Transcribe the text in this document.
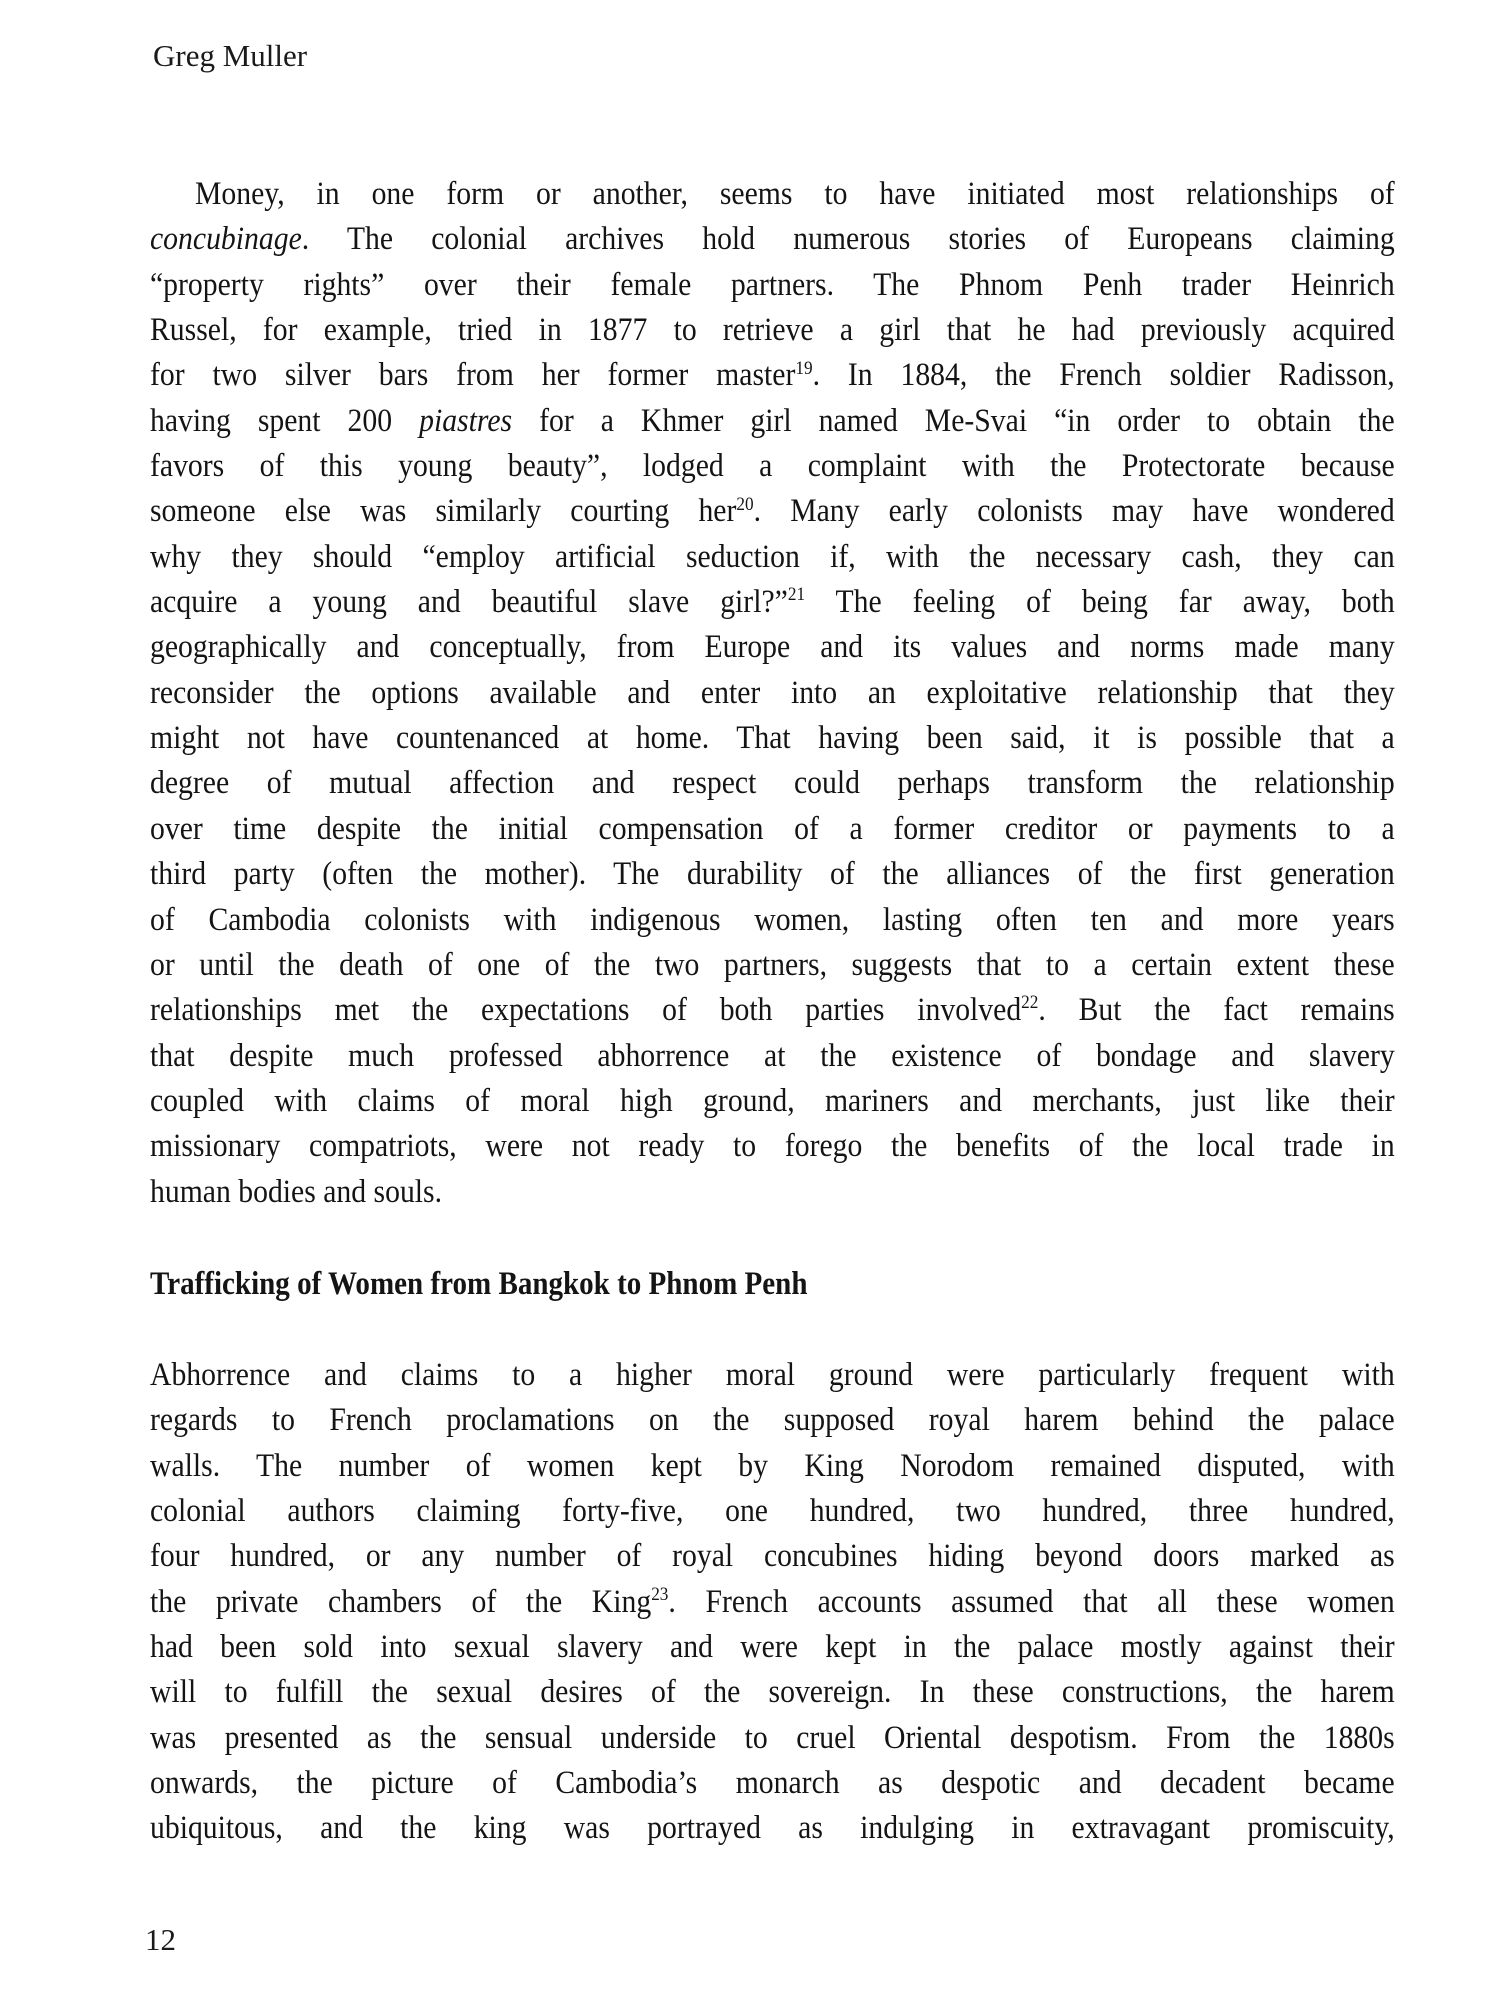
Greg Muller
Money, in one form or another, seems to have initiated most relationships of
concubinage. The colonial archives hold numerous stories of Europeans claiming
“property rights” over their female partners. The Phnom Penh trader Heinrich
Russel, for example, tried in 1877 to retrieve a girl that he had previously acquired
for two silver bars from her former master$^{19}$. In 1884, the French soldier Radisson,
having spent 200 piastres for a Khmer girl named Me-Svai “in order to obtain the
favors of this young beauty”, lodged a complaint with the Protectorate because
someone else was similarly courting her$^{20}$. Many early colonists may have wondered
why they should “employ artificial seduction if, with the necessary cash, they can
acquire a young and beautiful slave girl?”$^{21}$ The feeling of being far away, both
geographically and conceptually, from Europe and its values and norms made many
reconsider the options available and enter into an exploitative relationship that they
might not have countenanced at home. That having been said, it is possible that a
degree of mutual affection and respect could perhaps transform the relationship
over time despite the initial compensation of a former creditor or payments to a
third party (often the mother). The durability of the alliances of the first generation
of Cambodia colonists with indigenous women, lasting often ten and more years
or until the death of one of the two partners, suggests that to a certain extent these
relationships met the expectations of both parties involved$^{22}$. But the fact remains
that despite much professed abhorrence at the existence of bondage and slavery
coupled with claims of moral high ground, mariners and merchants, just like their
missionary compatriots, were not ready to forego the benefits of the local trade in
human bodies and souls.
Trafficking of Women from Bangkok to Phnom Penh
Abhorrence and claims to a higher moral ground were particularly frequent with
regards to French proclamations on the supposed royal harem behind the palace
walls. The number of women kept by King Norodom remained disputed, with
colonial authors claiming forty-five, one hundred, two hundred, three hundred,
four hundred, or any number of royal concubines hiding beyond doors marked as
the private chambers of the King$^{23}$. French accounts assumed that all these women
had been sold into sexual slavery and were kept in the palace mostly against their
will to fulfill the sexual desires of the sovereign. In these constructions, the harem
was presented as the sensual underside to cruel Oriental despotism. From the 1880s
onwards, the picture of Cambodia’s monarch as despotic and decadent became
ubiquitous, and the king was portrayed as indulging in extravagant promiscuity,
12
